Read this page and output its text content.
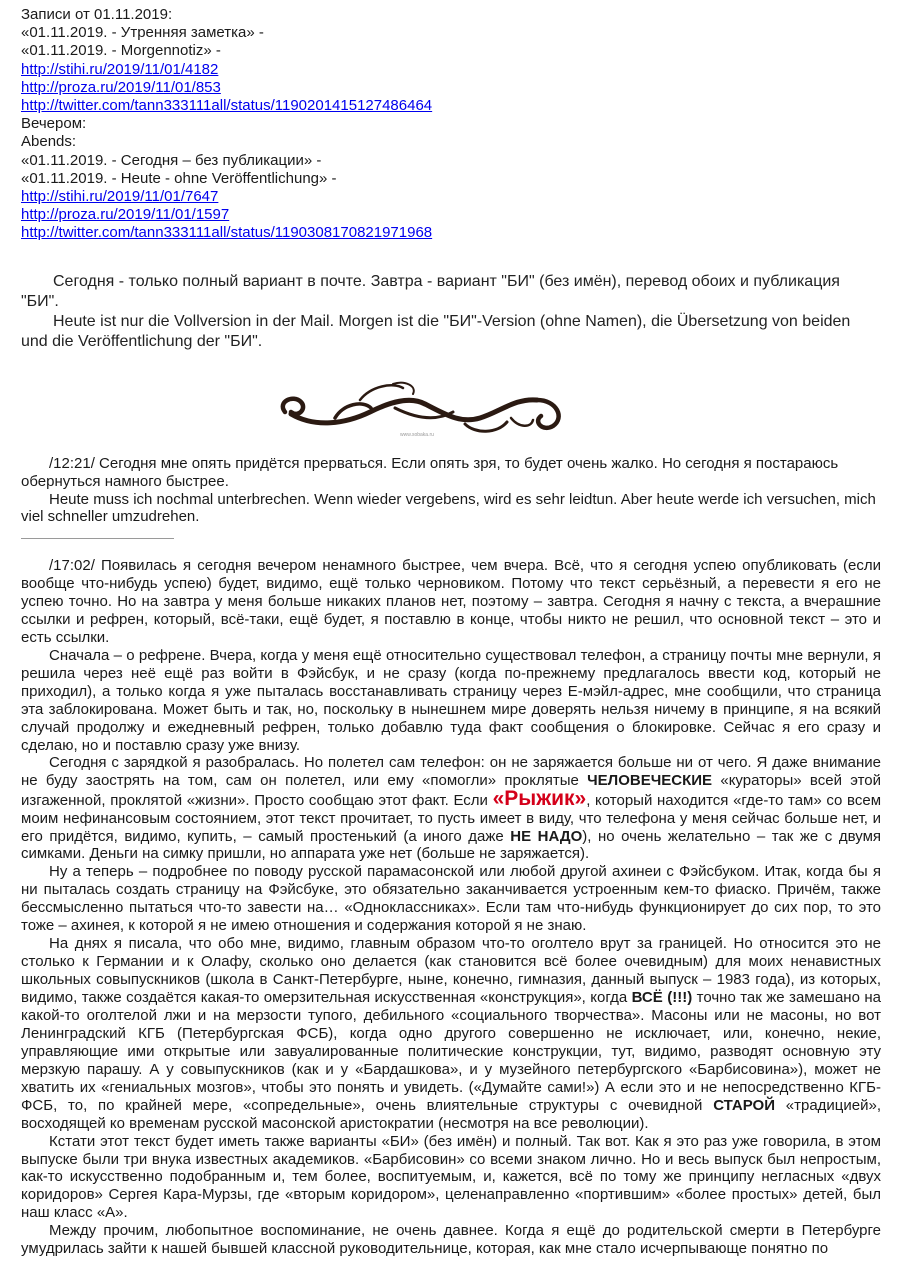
Записи от 01.11.2019:
«01.11.2019. - Утренняя заметка» -
«01.11.2019. - Morgennotiz» -
http://stihi.ru/2019/11/01/4182
http://proza.ru/2019/11/01/853
http://twitter.com/tann333111all/status/1190201415127486464
Вечером:
Abends:
«01.11.2019. - Сегодня – без публикации» -
«01.11.2019. - Heute - ohne Veröffentlichung» -
http://stihi.ru/2019/11/01/7647
http://proza.ru/2019/11/01/1597
http://twitter.com/tann333111all/status/1190308170821971968

Сегодня - только полный вариант в почте. Завтра - вариант "БИ" (без имён), перевод обоих и публикация "БИ".

Heute ist nur die Vollversion in der Mail. Morgen ist die "БИ"-Version (ohne Namen), die Übersetzung von beiden und die Veröffentlichung der "БИ".

www.sobaka.ru

/12:21/ Сегодня мне опять придётся прерваться. Если опять зря, то будет очень жалко. Но сегодня я постараюсь обернуться намного быстрее.

Heute muss ich nochmal unterbrechen. Wenn wieder vergebens, wird es sehr leidtun. Aber heute werde ich versuchen, mich viel schneller umzudrehen.

/17:02/ Появилась я сегодня вечером ненамного быстрее, чем вчера. Всё, что я сегодня успею опубликовать (если вообще что-нибудь успею) будет, видимо, ещё только черновиком. Потому что текст серьёзный, а перевести я его не успею точно. Но на завтра у меня больше никаких планов нет, поэтому – завтра. Сегодня я начну с текста, а вчерашние ссылки и рефрен, который, всё-таки, ещё будет, я поставлю в конце, чтобы никто не решил, что основной текст – это и есть ссылки.

Сначала – о рефрене. Вчера, когда у меня ещё относительно существовал телефон, а страницу почты мне вернули, я решила через неё ещё раз войти в Фэйсбук, и не сразу (когда по-прежнему предлагалось ввести код, который не приходил), а только когда я уже пыталась восстанавливать страницу через Е-мэйл-адрес, мне сообщили, что страница эта заблокирована. Может быть и так, но, поскольку в нынешнем мире доверять нельзя ничему в принципе, я на всякий случай продолжу и ежедневный рефрен, только добавлю туда факт сообщения о блокировке. Сейчас я его сразу и сделаю, но и поставлю сразу уже внизу.

Сегодня с зарядкой я разобралась. Но полетел сам телефон: он не заряжается больше ни от чего. Я даже внимание не буду заострять на том, сам он полетел, или ему «помогли» проклятые ЧЕЛОВЕЧЕСКИЕ «кураторы» всей этой изгаженной, проклятой «жизни». Просто сообщаю этот факт. Если «Рыжик», который находится «где-то там» со всем моим нефинансовым состоянием, этот текст прочитает, то пусть имеет в виду, что телефона у меня сейчас больше нет, и его придётся, видимо, купить, – самый простенький (а иного даже НЕ НАДО), но очень желательно – так же с двумя симками. Деньги на симку пришли, но аппарата уже нет (больше не заряжается).

Ну а теперь – подробнее по поводу русской парамасонской или любой другой ахинеи с Фэйсбуком. Итак, когда бы я ни пыталась создать страницу на Фэйсбуке, это обязательно заканчивается устроенным кем-то фиаско. Причём, также бессмысленно пытаться что-то завести на… «Одноклассниках». Если там что-нибудь функционирует до сих пор, то это тоже – ахинея, к которой я не имею отношения и содержания которой я не знаю.

На днях я писала, что обо мне, видимо, главным образом что-то оголтело врут за границей. Но относится это не столько к Германии и к Олафу, сколько оно делается (как становится всё более очевидным) для моих ненавистных школьных совыпускников (школа в Санкт-Петербурге, ныне, конечно, гимназия, данный выпуск – 1983 года), из которых, видимо, также создаётся какая-то омерзительная искусственная «конструкция», когда ВСЁ (!!!) точно так же замешано на какой-то оголтелой лжи и на мерзости тупого, дебильного «социального творчества». Масоны или не масоны, но вот Ленинградский КГБ (Петербургская ФСБ), когда одно другого совершенно не исключает, или, конечно, некие, управляющие ими открытые или завуалированные политические конструкции, тут, видимо, разводят основную эту мерзкую парашу. А у совыпускников (как и у «Бардашкова», и у музейного петербургского «Барбисовина»), может не хватить их «гениальных мозгов», чтобы это понять и увидеть. («Думайте сами!») А если это и не непосредственно КГБ-ФСБ, то, по крайней мере, «сопредельные», очень влиятельные структуры с очевидной СТАРОЙ «традицией», восходящей ко временам русской масонской аристократии (несмотря на все революции).

Кстати этот текст будет иметь также варианты «БИ» (без имён) и полный. Так вот. Как я это раз уже говорила, в этом выпуске были три внука известных академиков. «Барбисовин» со всеми знаком лично. Но и весь выпуск был непростым, как-то искусственно подобранным и, тем более, воспитуемым, и, кажется, всё по тому же принципу негласных «двух коридоров» Сергея Кара-Мурзы, где «вторым коридором», целенаправленно «портившим» «более простых» детей, был наш класс «А».

Между прочим, любопытное воспоминание, не очень давнее. Когда я ещё до родительской смерти в Петербурге умудрилась зайти к нашей бывшей классной руководительнице, которая, как мне стало исчерпывающе понятно по
